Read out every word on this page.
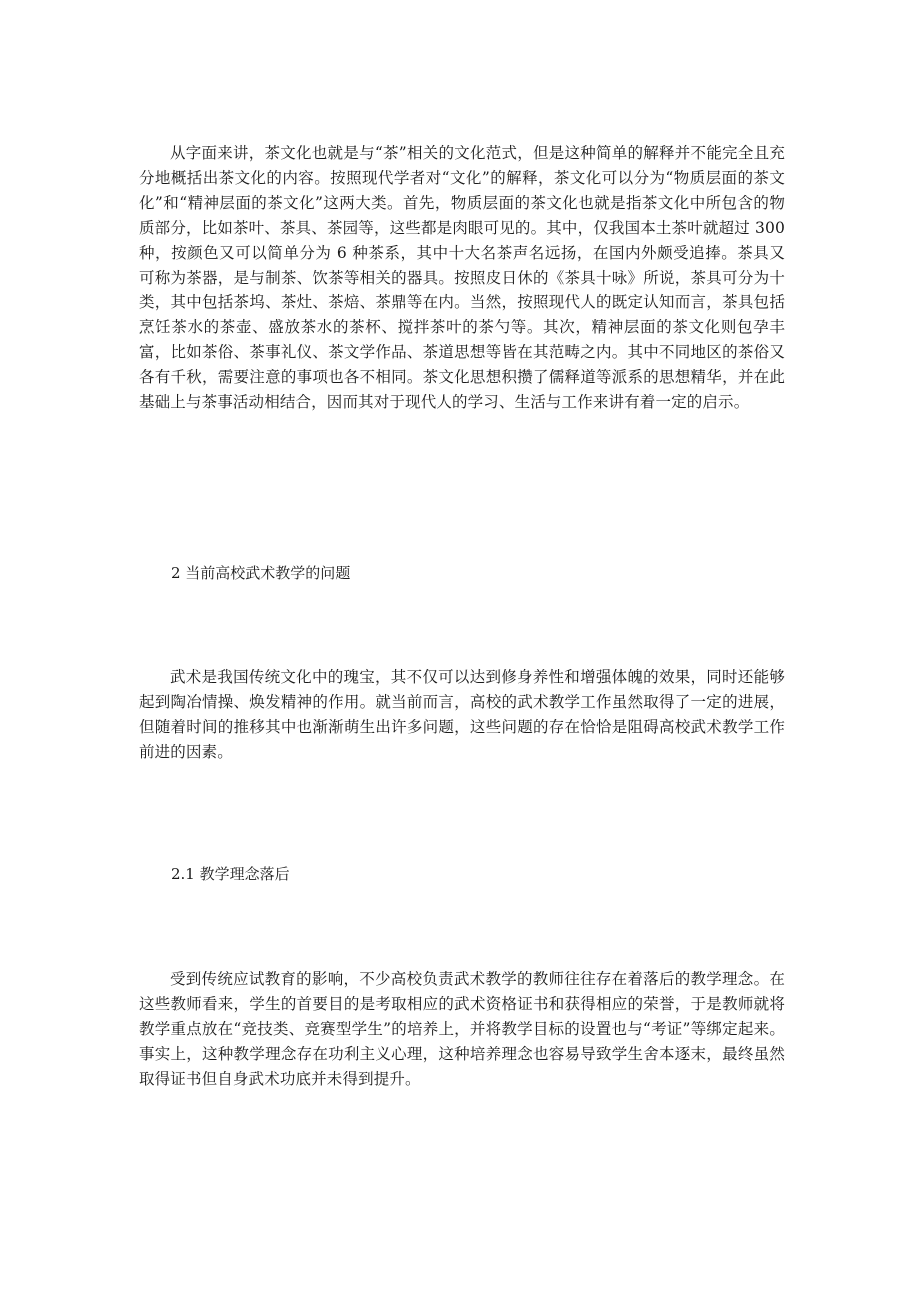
从字面来讲，茶文化也就是与“茶”相关的文化范式，但是这种简单的解释并不能完全且充分地概括出茶文化的内容。按照现代学者对“文化”的解释，茶文化可以分为“物质层面的茶文化”和“精神层面的茶文化”这两大类。首先，物质层面的茶文化也就是指茶文化中所包含的物质部分，比如茶叶、茶具、茶园等，这些都是肉眼可见的。其中，仅我国本土茶叶就超过 300 种，按颜色又可以简单分为 6 种茶系，其中十大名茶声名远扬，在国内外颇受追捧。茶具又可称为茶器，是与制茶、饮茶等相关的器具。按照皮日休的《茶具十咏》所说，茶具可分为十类，其中包括茶坞、茶灶、茶焙、茶鼎等在内。当然，按照现代人的既定认知而言，茶具包括烹饪茶水的茶壶、盛放茶水的茶杯、搅拌茶叶的茶勺等。其次，精神层面的茶文化则包孕丰富，比如茶俗、茶事礼仪、茶文学作品、茶道思想等皆在其范畴之内。其中不同地区的茶俗又各有千秋，需要注意的事项也各不相同。茶文化思想积攒了儒释道等派系的思想精华，并在此基础上与茶事活动相结合，因而其对于现代人的学习、生活与工作来讲有着一定的启示。

2 当前高校武术教学的问题

武术是我国传统文化中的瑰宝，其不仅可以达到修身养性和增强体魄的效果，同时还能够起到陶冶情操、焕发精神的作用。就当前而言，高校的武术教学工作虽然取得了一定的进展，但随着时间的推移其中也渐渐萌生出许多问题，这些问题的存在恰恰是阻碍高校武术教学工作前进的因素。

2.1 教学理念落后

受到传统应试教育的影响，不少高校负责武术教学的教师往往存在着落后的教学理念。在这些教师看来，学生的首要目的是考取相应的武术资格证书和获得相应的荣誉，于是教师就将教学重点放在“竞技类、竞赛型学生”的培养上，并将教学目标的设置也与“考证”等绑定起来。事实上，这种教学理念存在功利主义心理，这种培养理念也容易导致学生舍本逐末，最终虽然取得证书但自身武术功底并未得到提升。
